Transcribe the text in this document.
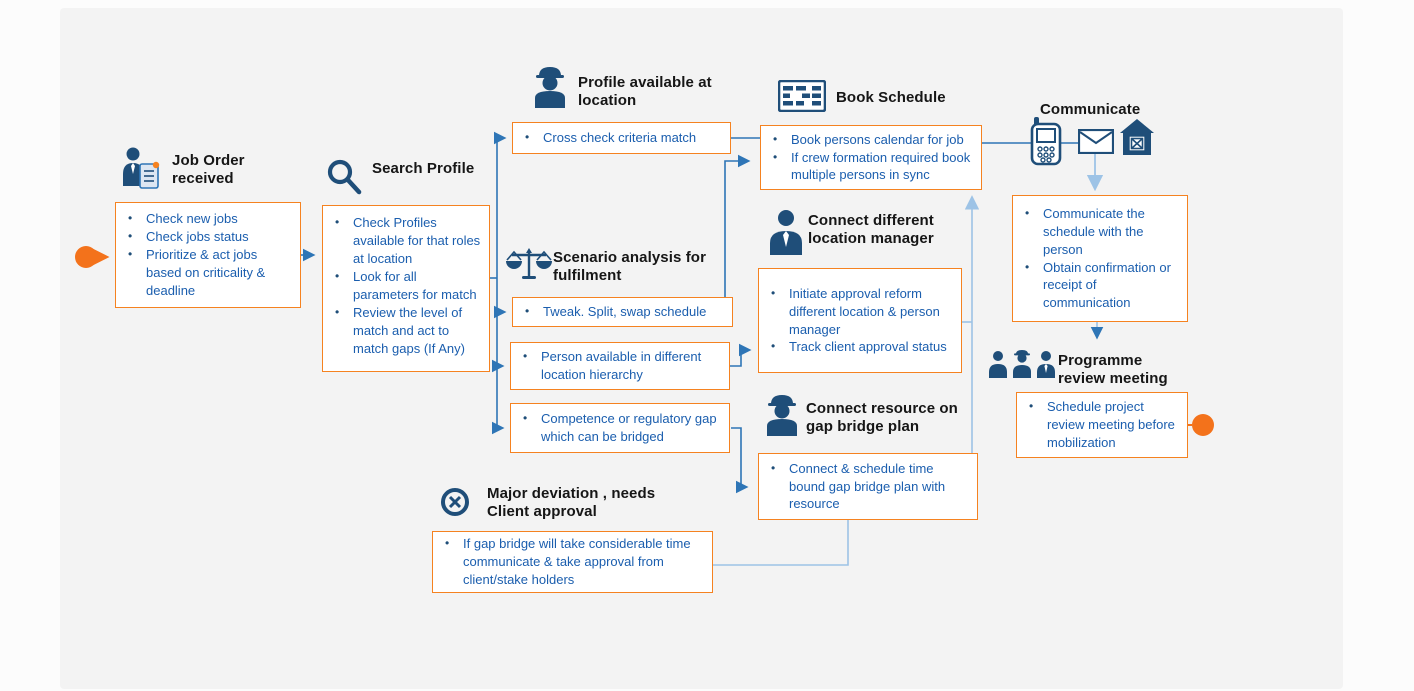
Job Order received
• Check new jobs
• Check jobs status
• Prioritize & act jobs based on criticality & deadline
Search Profile
• Check Profiles available for that roles at location
• Look for all parameters for match
• Review the level of match and act to match gaps (If Any)
Profile available at location
• Cross check criteria match
Scenario analysis for fulfilment
• Tweak. Split, swap schedule
• Person available in different location hierarchy
• Competence or regulatory gap which can be bridged
Book Schedule
• Book persons calendar for job
• If crew formation required book multiple persons in sync
Connect different location manager
• Initiate approval reform different location & person manager
• Track client approval status
Connect resource on gap bridge plan
• Connect & schedule time bound gap bridge plan with resource
Communicate
• Communicate the schedule with the person
• Obtain confirmation or receipt of communication
Programme review meeting
• Schedule project review meeting before mobilization
Major deviation , needs Client approval
• If gap bridge will take considerable time communicate & take approval from client/stake holders
